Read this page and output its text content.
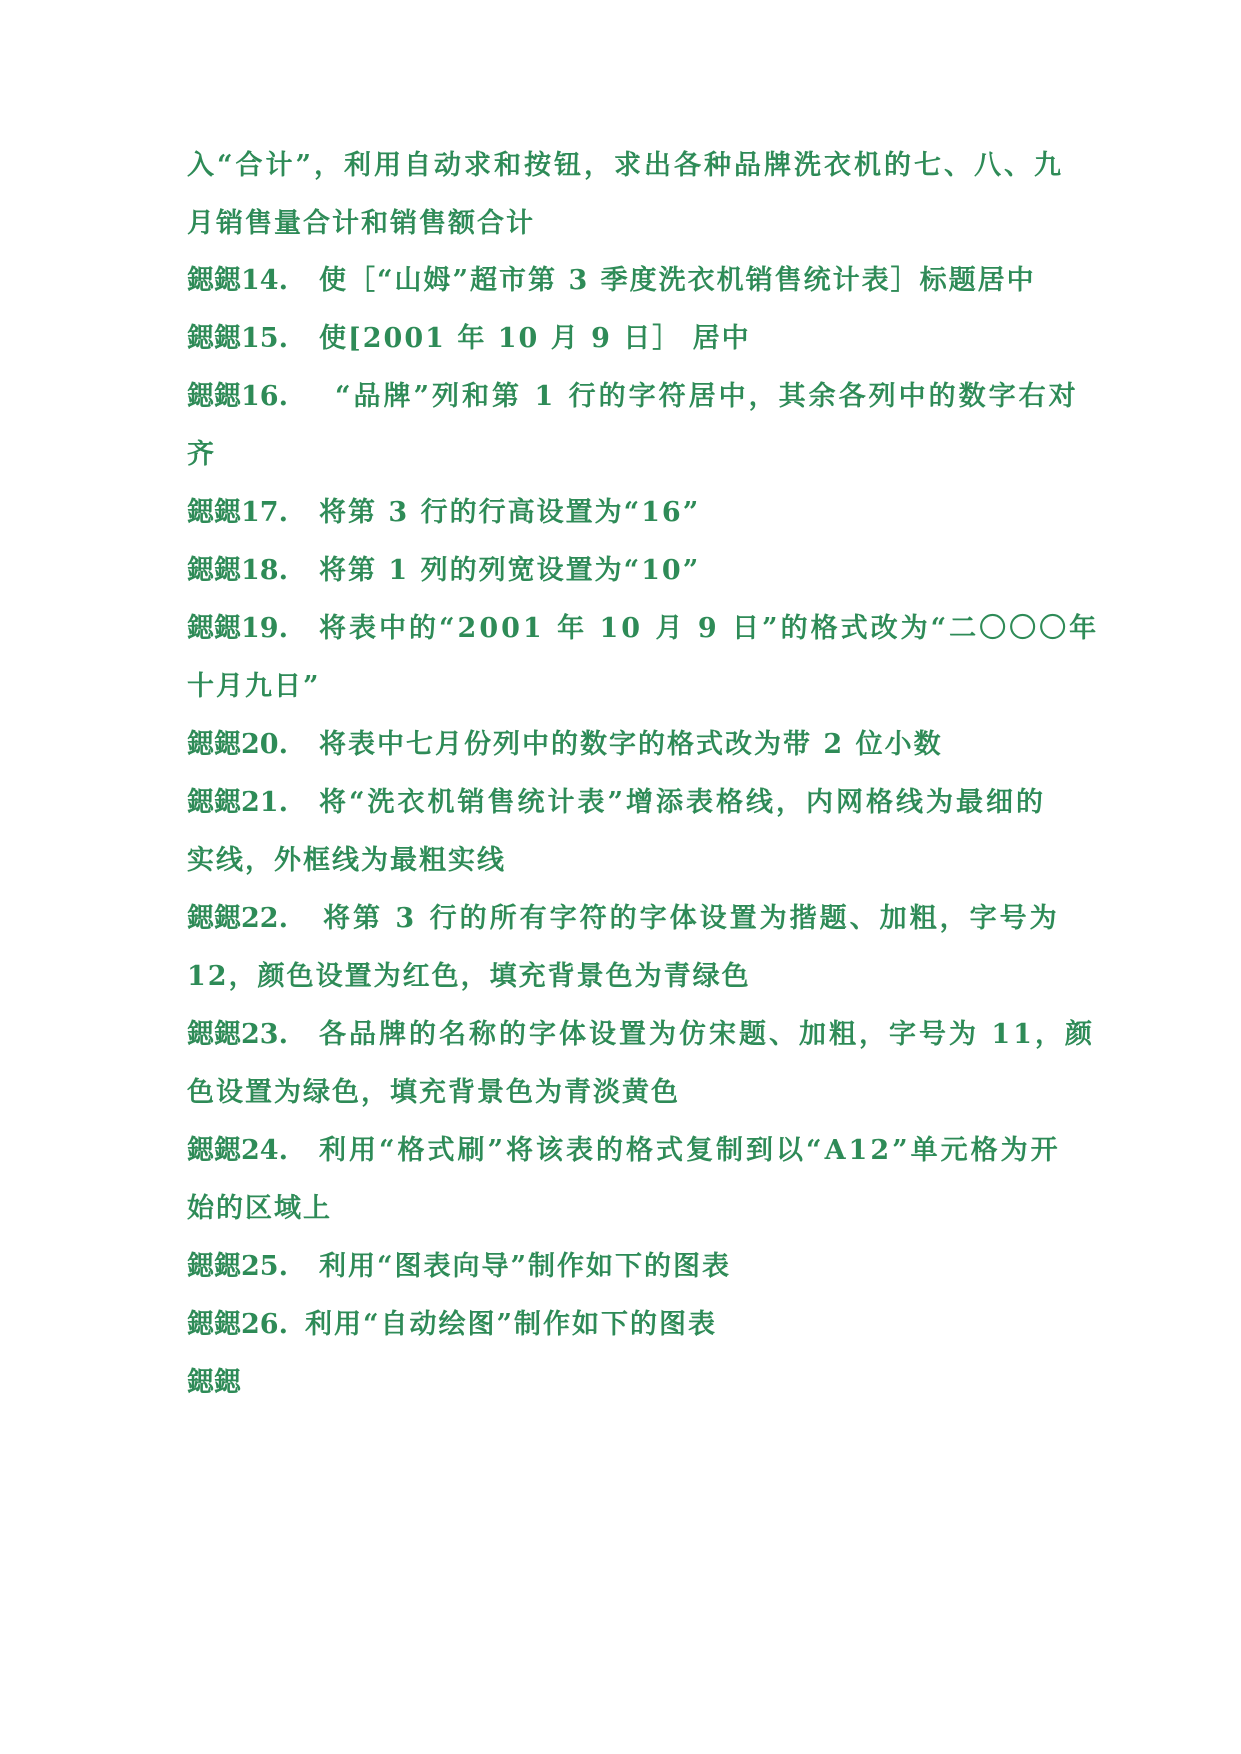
入“合计”，利用自动求和按钮，求出各种品牌洗衣机的七、八、九
月销售量合计和销售额合计
鍶鍶14. 使［“山姆”超市第 3 季度洗衣机销售统计表］标题居中
鍶鍶15. 使[2001 年 10 月 9 日］ 居中
鍶鍶16. “品牌”列和第 1 行的字符居中，其余各列中的数字右对
齐
鍶鍶17. 将第 3 行的行高设置为“16”
鍶鍶18. 将第 1 列的列宽设置为“10”
鍶鍶19. 将表中的“2001 年 10 月 9 日”的格式改为“二〇〇〇年
十月九日”
鍶鍶20. 将表中七月份列中的数字的格式改为带 2 位小数
鍶鍶21. 将“洗衣机销售统计表”增添表格线，内网格线为最细的
实线，外框线为最粗实线
鍶鍶22. 将第 3 行的所有字符的字体设置为揩题、加粗，字号为
12，颜色设置为红色，填充背景色为青绿色
鍶鍶23. 各品牌的名称的字体设置为仿宋题、加粗，字号为 11，颜
色设置为绿色，填充背景色为青淡黄色
鍶鍶24. 利用“格式刷”将该表的格式复制到以“A12”单元格为开
始的区域上
鍶鍶25. 利用“图表向导”制作如下的图表
鍶鍶26. 利用“自动绘图”制作如下的图表
鍶鍶
